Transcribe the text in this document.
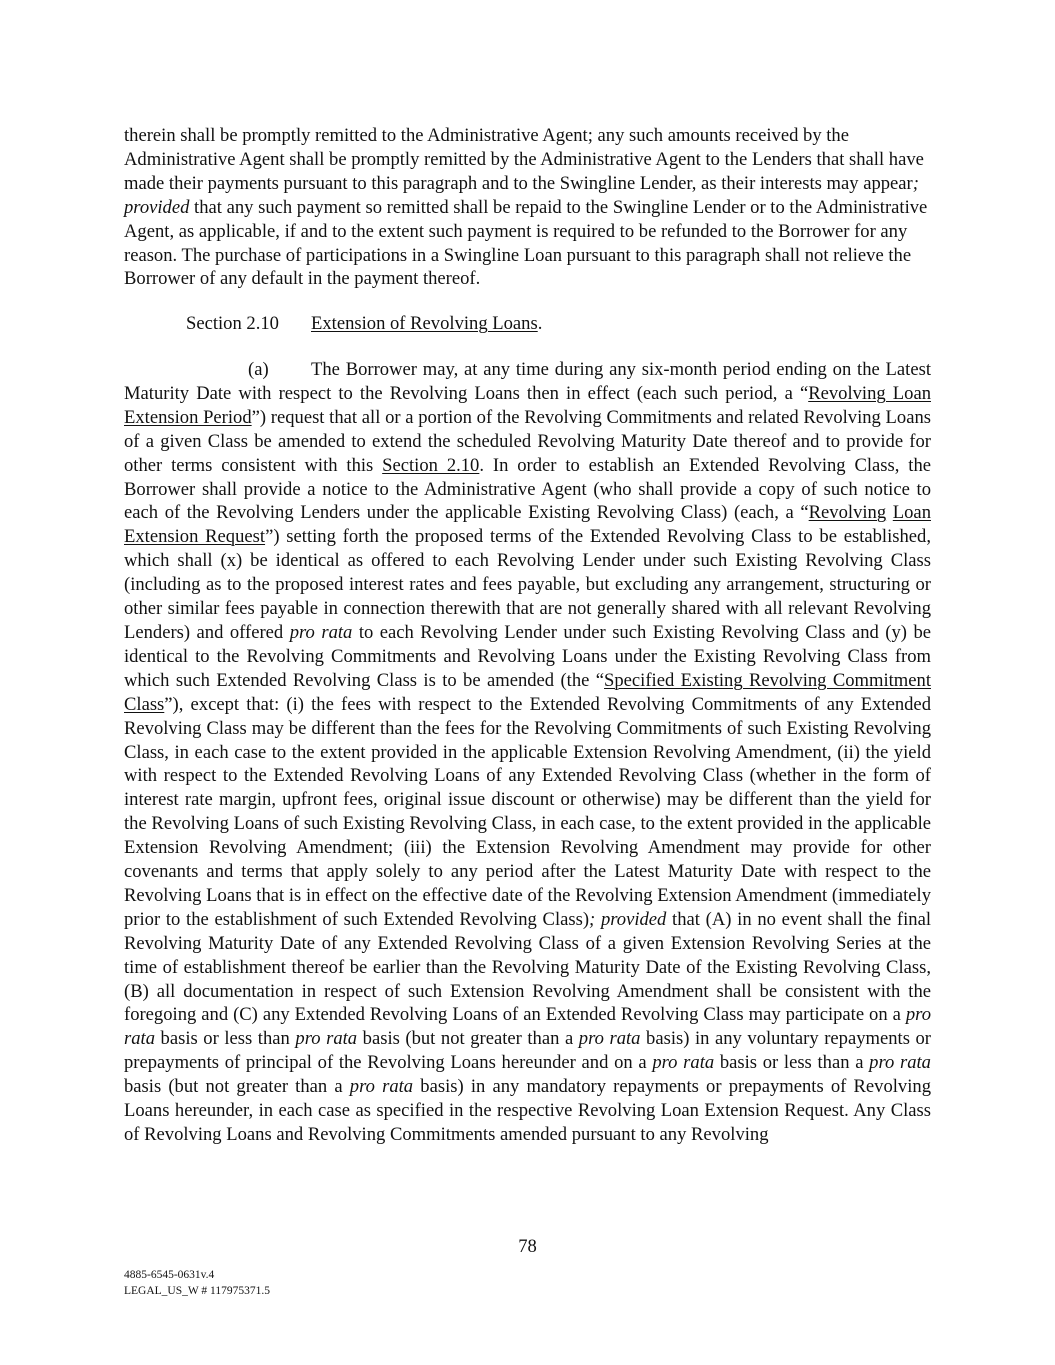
therein shall be promptly remitted to the Administrative Agent; any such amounts received by the Administrative Agent shall be promptly remitted by the Administrative Agent to the Lenders that shall have made their payments pursuant to this paragraph and to the Swingline Lender, as their interests may appear; provided that any such payment so remitted shall be repaid to the Swingline Lender or to the Administrative Agent, as applicable, if and to the extent such payment is required to be refunded to the Borrower for any reason. The purchase of participations in a Swingline Loan pursuant to this paragraph shall not relieve the Borrower of any default in the payment thereof.

Section 2.10 Extension of Revolving Loans.

(a) The Borrower may, at any time during any six-month period ending on the Latest Maturity Date with respect to the Revolving Loans then in effect (each such period, a “Revolving Loan Extension Period”) request that all or a portion of the Revolving Commitments and related Revolving Loans of a given Class be amended to extend the scheduled Revolving Maturity Date thereof and to provide for other terms consistent with this Section 2.10. In order to establish an Extended Revolving Class, the Borrower shall provide a notice to the Administrative Agent (who shall provide a copy of such notice to each of the Revolving Lenders under the applicable Existing Revolving Class) (each, a “Revolving Loan Extension Request”) setting forth the proposed terms of the Extended Revolving Class to be established, which shall (x) be identical as offered to each Revolving Lender under such Existing Revolving Class (including as to the proposed interest rates and fees payable, but excluding any arrangement, structuring or other similar fees payable in connection therewith that are not generally shared with all relevant Revolving Lenders) and offered pro rata to each Revolving Lender under such Existing Revolving Class and (y) be identical to the Revolving Commitments and Revolving Loans under the Existing Revolving Class from which such Extended Revolving Class is to be amended (the “Specified Existing Revolving Commitment Class”), except that: (i) the fees with respect to the Extended Revolving Commitments of any Extended Revolving Class may be different than the fees for the Revolving Commitments of such Existing Revolving Class, in each case to the extent provided in the applicable Extension Revolving Amendment, (ii) the yield with respect to the Extended Revolving Loans of any Extended Revolving Class (whether in the form of interest rate margin, upfront fees, original issue discount or otherwise) may be different than the yield for the Revolving Loans of such Existing Revolving Class, in each case, to the extent provided in the applicable Extension Revolving Amendment; (iii) the Extension Revolving Amendment may provide for other covenants and terms that apply solely to any period after the Latest Maturity Date with respect to the Revolving Loans that is in effect on the effective date of the Revolving Extension Amendment (immediately prior to the establishment of such Extended Revolving Class); provided that (A) in no event shall the final Revolving Maturity Date of any Extended Revolving Class of a given Extension Revolving Series at the time of establishment thereof be earlier than the Revolving Maturity Date of the Existing Revolving Class, (B) all documentation in respect of such Extension Revolving Amendment shall be consistent with the foregoing and (C) any Extended Revolving Loans of an Extended Revolving Class may participate on a pro rata basis or less than pro rata basis (but not greater than a pro rata basis) in any voluntary repayments or prepayments of principal of the Revolving Loans hereunder and on a pro rata basis or less than a pro rata basis (but not greater than a pro rata basis) in any mandatory repayments or prepayments of Revolving Loans hereunder, in each case as specified in the respective Revolving Loan Extension Request. Any Class of Revolving Loans and Revolving Commitments amended pursuant to any Revolving

78
4885-6545-0631v.4
LEGAL_US_W # 117975371.5
